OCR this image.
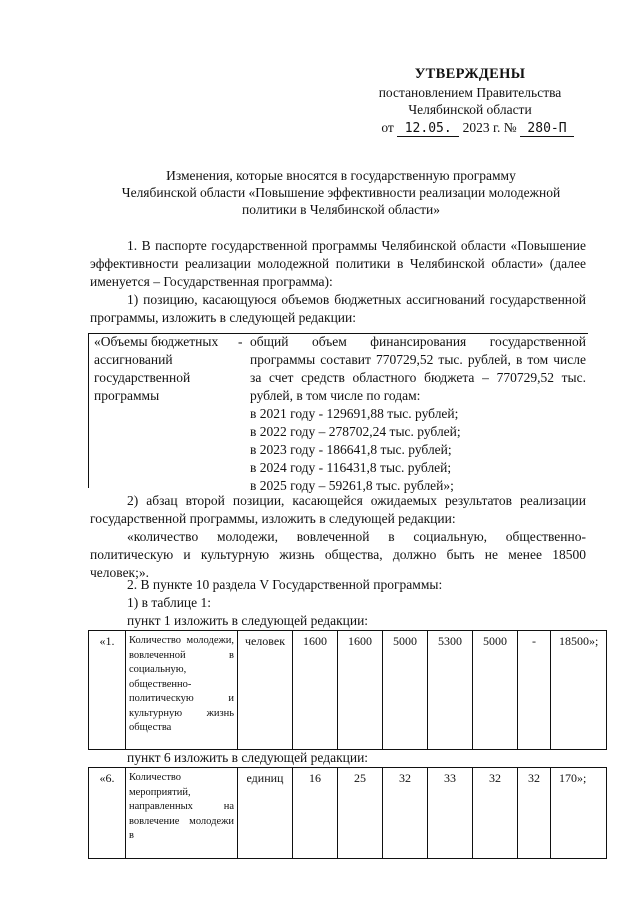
УТВЕРЖДЕНЫ
постановлением Правительства
Челябинской области
от 12.05. 2023 г. № 280-П
Изменения, которые вносятся в государственную программу
Челябинской области «Повышение эффективности реализации молодежной
политики в Челябинской области»
1. В паспорте государственной программы Челябинской области «Повышение эффективности реализации молодежной политики в Челябинской области» (далее именуется – Государственная программа):
1) позицию, касающуюся объемов бюджетных ассигнований государственной программы, изложить в следующей редакции:
«Объемы бюджетных ассигнований государственной программы
- общий объем финансирования государственной программы составит 770729,52 тыс. рублей, в том числе за счет средств областного бюджета – 770729,52 тыс. рублей, в том числе по годам:
в 2021 году - 129691,88 тыс. рублей;
в 2022 году – 278702,24 тыс. рублей;
в 2023 году - 186641,8 тыс. рублей;
в 2024 году - 116431,8 тыс. рублей;
в 2025 году – 59261,8 тыс. рублей»;
2) абзац второй позиции, касающейся ожидаемых результатов реализации государственной программы, изложить в следующей редакции:
«количество молодежи, вовлеченной в социальную, общественно-политическую и культурную жизнь общества, должно быть не менее 18500 человек;».
2. В пункте 10 раздела V Государственной программы:
1) в таблице 1:
пункт 1 изложить в следующей редакции:
«1.	Количество молодежи, вовлеченной в социальную, общественно-политическую и культурную жизнь общества	человек	1600	1600	5000	5300	5000	-	18500»;
пункт 6 изложить в следующей редакции:
«6.	Количество мероприятий, направленных на вовлечение молодежи в	единиц	16	25	32	33	32	32	170»;
